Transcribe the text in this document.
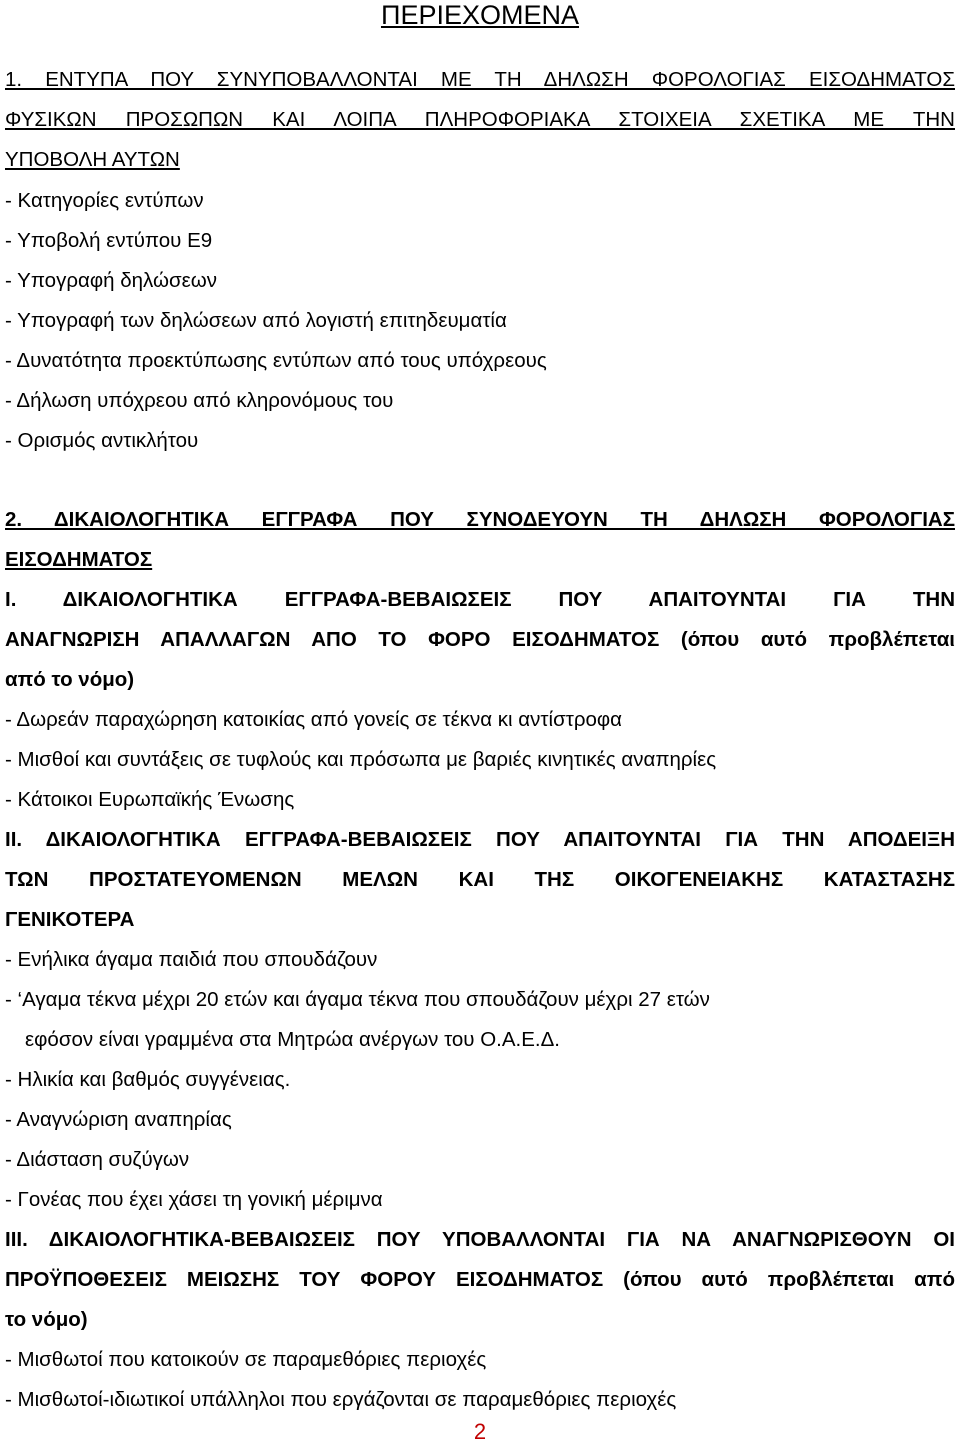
ΠΕΡΙΕΧΟΜΕΝΑ
1. ΕΝΤΥΠΑ ΠΟΥ ΣΥΝΥΠΟΒΑΛΛΟΝΤΑΙ ΜΕ ΤΗ ΔΗΛΩΣΗ ΦΟΡΟΛΟΓΙΑΣ ΕΙΣΟΔΗΜΑΤΟΣ
ΦΥΣΙΚΩΝ ΠΡΟΣΩΠΩΝ ΚΑΙ ΛΟΙΠΑ ΠΛΗΡΟΦΟΡΙΑΚΑ ΣΤΟΙΧΕΙΑ ΣΧΕΤΙΚΑ ΜΕ ΤΗΝ
ΥΠΟΒΟΛΗ ΑΥΤΩΝ
- Κατηγορίες εντύπων
- Υποβολή εντύπου Ε9
- Υπογραφή δηλώσεων
- Υπογραφή των δηλώσεων από λογιστή επιτηδευματία
- Δυνατότητα προεκτύπωσης εντύπων από τους υπόχρεους
- Δήλωση υπόχρεου από κληρονόμους του
- Ορισμός αντικλήτου
2. ΔΙΚΑΙΟΛΟΓΗΤΙΚΑ ΕΓΓΡΑΦΑ ΠΟΥ ΣΥΝΟΔΕΥΟΥΝ ΤΗ ΔΗΛΩΣΗ ΦΟΡΟΛΟΓΙΑΣ
ΕΙΣΟΔΗΜΑΤΟΣ
Ι. ΔΙΚΑΙΟΛΟΓΗΤΙΚΑ ΕΓΓΡΑΦΑ-ΒΕΒΑΙΩΣΕΙΣ ΠΟΥ ΑΠΑΙΤΟΥΝΤΑΙ ΓΙΑ ΤΗΝ
ΑΝΑΓΝΩΡΙΣΗ ΑΠΑΛΛΑΓΩΝ ΑΠΟ ΤΟ ΦΟΡΟ ΕΙΣΟΔΗΜΑΤΟΣ (όπου αυτό προβλέπεται
από το νόμο)
- Δωρεάν παραχώρηση κατοικίας από γονείς σε τέκνα κι αντίστροφα
- Μισθοί και συντάξεις σε τυφλούς και πρόσωπα με βαριές κινητικές αναπηρίες
- Κάτοικοι Ευρωπαϊκής Ένωσης
ΙΙ. ΔΙΚΑΙΟΛΟΓΗΤΙΚΑ ΕΓΓΡΑΦΑ-ΒΕΒΑΙΩΣΕΙΣ ΠΟΥ ΑΠΑΙΤΟΥΝΤΑΙ ΓΙΑ ΤΗΝ ΑΠΟΔΕΙΞΗ
ΤΩΝ ΠΡΟΣΤΑΤΕΥΟΜΕΝΩΝ ΜΕΛΩΝ ΚΑΙ ΤΗΣ ΟΙΚΟΓΕΝΕΙΑΚΗΣ ΚΑΤΑΣΤΑΣΗΣ
ΓΕΝΙΚΟΤΕΡΑ
- Ενήλικα άγαμα παιδιά που σπουδάζουν
- ‘Αγαμα τέκνα μέχρι 20 ετών και άγαμα τέκνα που σπουδάζουν μέχρι 27 ετών
εφόσον είναι γραμμένα στα Μητρώα ανέργων του Ο.Α.Ε.Δ.
- Ηλικία και βαθμός συγγένειας.
- Αναγνώριση αναπηρίας
- Διάσταση συζύγων
- Γονέας που έχει χάσει τη γονική μέριμνα
ΙΙΙ. ΔΙΚΑΙΟΛΟΓΗΤΙΚΑ-ΒΕΒΑΙΩΣΕΙΣ ΠΟΥ ΥΠΟΒΑΛΛΟΝΤΑΙ ΓΙΑ ΝΑ ΑΝΑΓΝΩΡΙΣΘΟΥΝ ΟΙ
ΠΡΟΫΠΟΘΕΣΕΙΣ ΜΕΙΩΣΗΣ ΤΟΥ ΦΟΡΟΥ ΕΙΣΟΔΗΜΑΤΟΣ (όπου αυτό προβλέπεται από
το νόμο)
- Μισθωτοί που κατοικούν σε παραμεθόριες περιοχές
- Μισθωτοί-ιδιωτικοί υπάλληλοι που εργάζονται σε παραμεθόριες περιοχές
2
